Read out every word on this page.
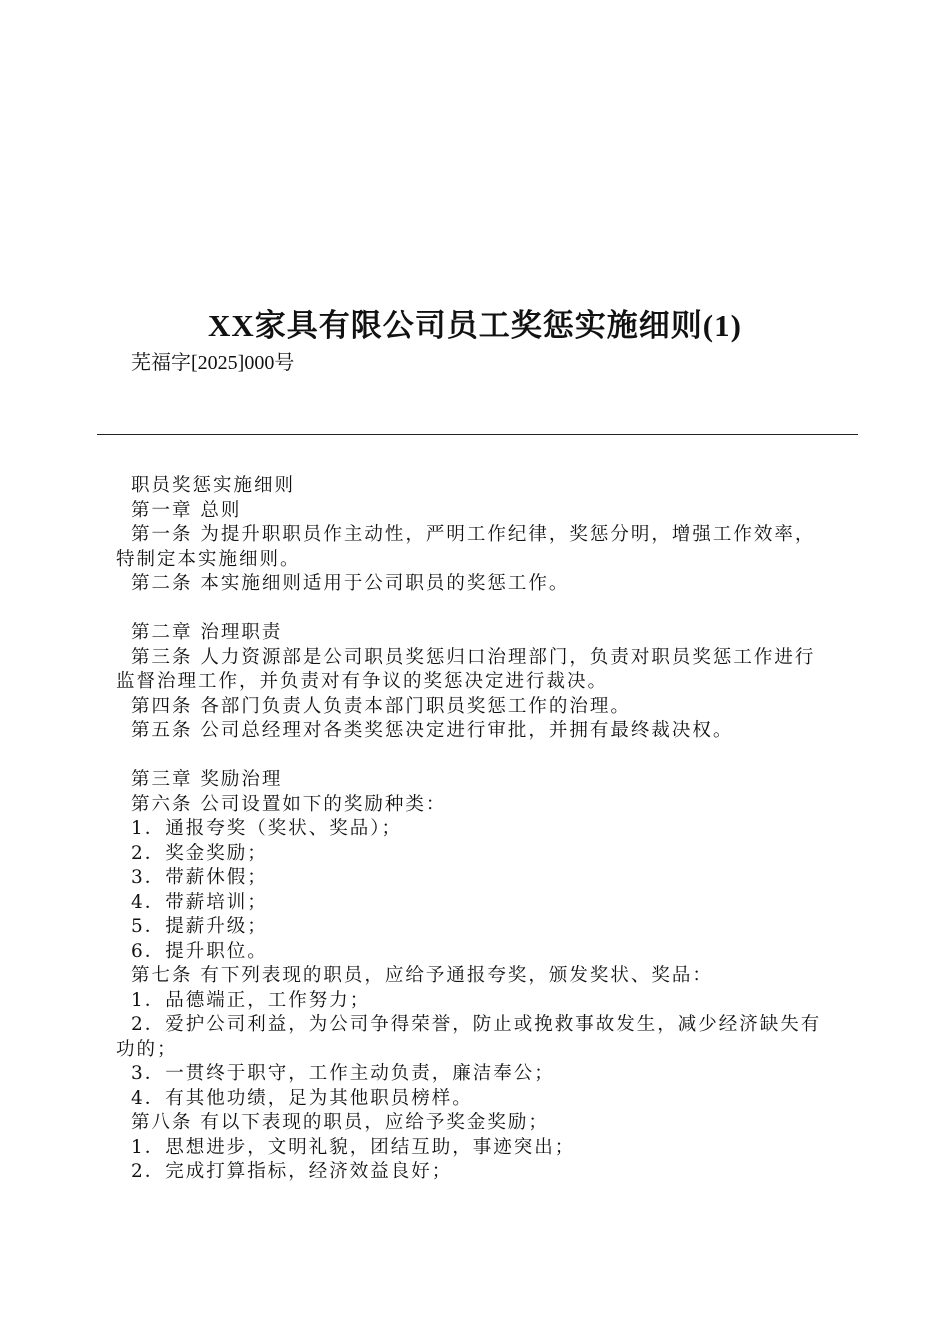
XX家具有限公司员工奖惩实施细则(1)
芜福字[2025]000号

职员奖惩实施细则

第一章 总则

第一条 为提升职职员作主动性，严明工作纪律，奖惩分明，增强工作效率，特制定本实施细则。

第二条 本实施细则适用于公司职员的奖惩工作。

第二章 治理职责

第三条 人力资源部是公司职员奖惩归口治理部门，负责对职员奖惩工作进行监督治理工作，并负责对有争议的奖惩决定进行裁决。

第四条 各部门负责人负责本部门职员奖惩工作的治理。

第五条 公司总经理对各类奖惩决定进行审批，并拥有最终裁决权。

第三章 奖励治理

第六条 公司设置如下的奖励种类：

1．通报夸奖（奖状、奖品）；

2．奖金奖励；

3．带薪休假；

4．带薪培训；

5．提薪升级；

6．提升职位。

第七条 有下列表现的职员，应给予通报夸奖，颁发奖状、奖品：

1．品德端正，工作努力；

2．爱护公司利益，为公司争得荣誉，防止或挽救事故发生，减少经济缺失有功的；

3．一贯终于职守，工作主动负责，廉洁奉公；

4．有其他功绩，足为其他职员榜样。

第八条 有以下表现的职员，应给予奖金奖励；

1．思想进步，文明礼貌，团结互助，事迹突出；

2．完成打算指标，经济效益良好；
